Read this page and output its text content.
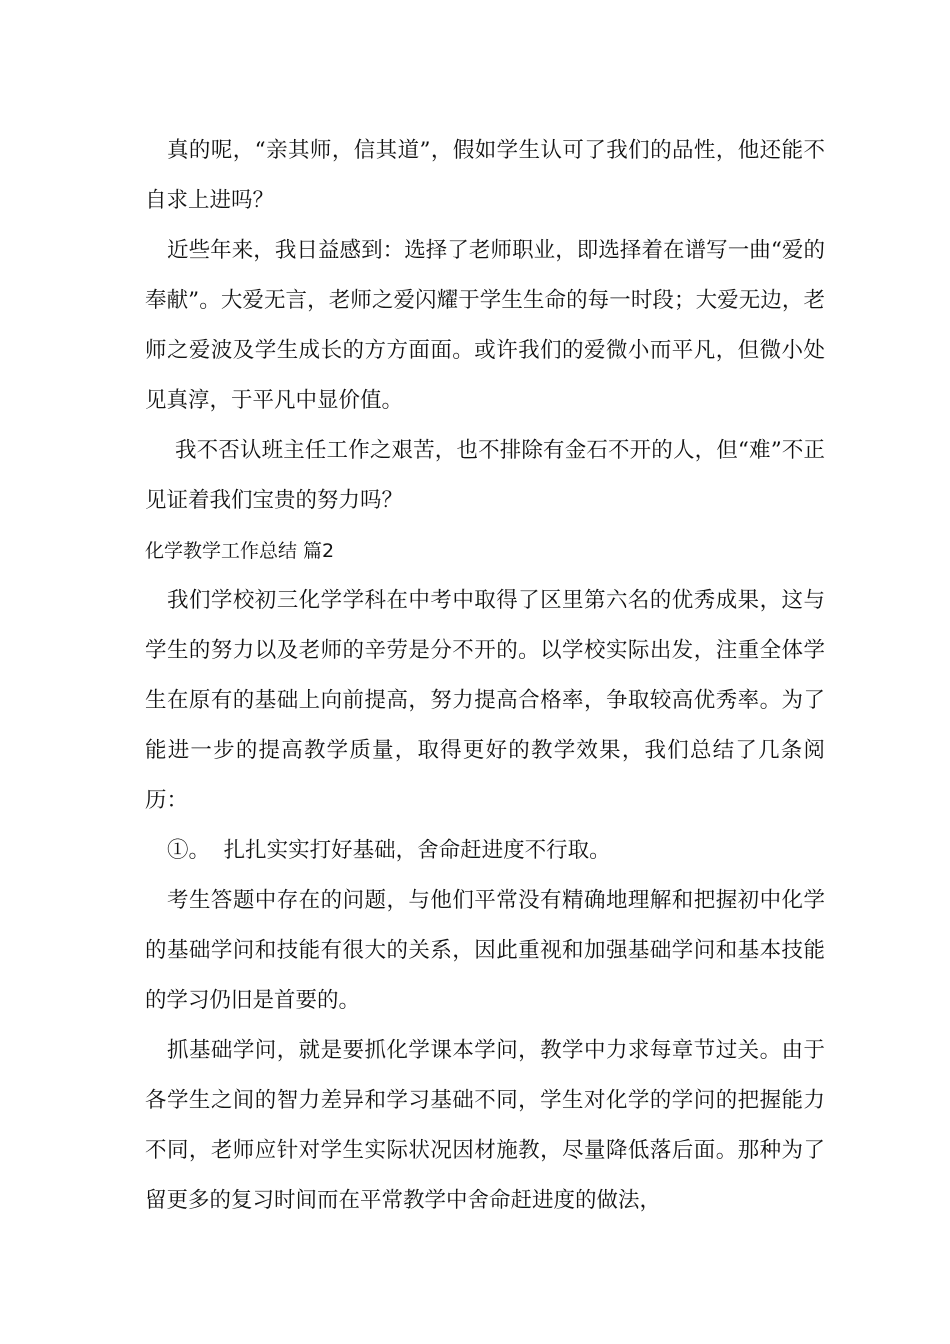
真的呢，“亲其师，信其道”，假如学生认可了我们的品性，他还能不自求上进吗？

近些年来，我日益感到：选择了老师职业，即选择着在谱写一曲“爱的奉献”。大爱无言，老师之爱闪耀于学生生命的每一时段；大爱无边，老师之爱波及学生成长的方方面面。或许我们的爱微小而平凡，但微小处见真淳，于平凡中显价值。

我不否认班主任工作之艰苦，也不排除有金石不开的人，但“难”不正见证着我们宝贵的努力吗？

化学教学工作总结 篇2

我们学校初三化学学科在中考中取得了区里第六名的优秀成果，这与学生的努力以及老师的辛劳是分不开的。以学校实际出发，注重全体学生在原有的基础上向前提高，努力提高合格率，争取较高优秀率。为了能进一步的提高教学质量，取得更好的教学效果，我们总结了几条阅历：

①。  扎扎实实打好基础，舍命赶进度不行取。

考生答题中存在的问题，与他们平常没有精确地理解和把握初中化学的基础学问和技能有很大的关系，因此重视和加强基础学问和基本技能的学习仍旧是首要的。

抓基础学问，就是要抓化学课本学问，教学中力求每章节过关。由于各学生之间的智力差异和学习基础不同，学生对化学的学问的把握能力不同，老师应针对学生实际状况因材施教，尽量降低落后面。那种为了留更多的复习时间而在平常教学中舍命赶进度的做法，
